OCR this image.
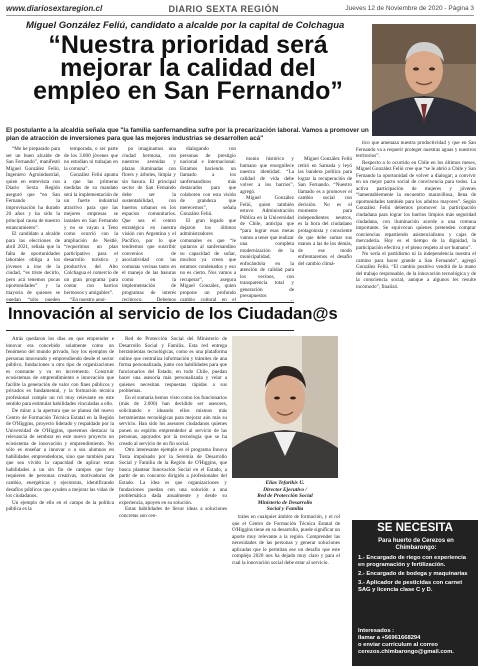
www.diariosextaregion.cl	DIARIO SEXTA REGIÓN	Jueves 12 de Noviembre de 2020 - Página 3
Miguel González Feliú, candidato a alcalde por la capital de Colchagua
“Nuestra prioridad será
mejorar la calidad del
empleo en San Fernando”
El postulante a la alcaldía señala que "la familia sanfernandina sufre por la precarización laboral. Vamos a promover un plan de atracción de inversiones para que las mejores industrias se desarrollen acá"

“Me he preparado para ser un buen alcalde de San Fernando”, manifestó Miguel González Feliú, Ingeniero Agroindustrial, quien en entrevista con Diario Sexta Región aseguró que “en San Fernando la improvisación ha durado 20 años y ha sido la principal causa de nuestro estancamiento”.

El candidato a alcalde para las elecciones de abril 2021, señala que la falta de oportunidades laborales obliga a los jóvenes a irse de la ciudad, “es triste decirlo, pero acá tenemos pocas oportunidades” y la mayoría de quienes se quedan “sólo pueden

temporada, o ser parte de los 3.000 jóvenes que no estudian ni trabajan en la comuna”.

González Feliú apunta a que las primeras medidas de su mandato será la implementación de un fuerte industrial atractivo para que las mejores empresas se instalen en San Fernando y no se vayan a Teno como ocurrió con la ampliación de Nestlé, “requerimos un plan participativo para el desarrollo turístico y productivo del Alto Colchagua el comercio de un gran programa para contar con barrios hermosos y amigables”.

“En nuestro aquí-

po imaginamos una ciudad hermosa, con nuestros avenidas y plazas iluminadas con flores y árboles, limpia y sin basura. El principal sector de San Fernando debe ser la sustentabilidad, con huertos urbanos en los espacios comunitarios. Que sea el centro estratégico en nuestra visión con Argentina y el Pacífico, por lo que tendremos que suscribir convenios de asociatividad con las comunas vecinas tanto en el manejo de las basuras como en la implementación de programas de interés recíproco. Debemos

dialogando con personas de prestigio nacional e internacional. Estamos haciendo un llamado a los sanfernandinos más destacados para que colaboren con esta visión de grandeza que merecemos”, señala González Feliú.

El gran legado que dejaron los últimos administradores comunales es que “le quitaron al sanfernandino su capacidad de soñar, muchos ya creen que estamos condenados y eso no es cierto. Nos vamos a recuperar”, asegura Miguel González, quien propone un profundo cambio cultural en el

monio histórico y humano que enorgullece nuestra identidad. “La calidad de vida debe volver a los barrios”, agregó.

Miguel González Feliú, quien también estuvo Administración Pública en la Universidad de Chile, anticipa que “para lograr esas metas vamos a tener que realizar una completa modernización de la municipalidad, enfocándola en la atención de calidad para los vecinos, con transparencia total y generación de presupuestos

Miguel González Feliú retiró en Samada y leyó las bandera política para lograr la recuperación de San Fernando. “Nuestro llamado es a promover el cambio social con decisión. No es el momento para independientes neutros, es la hora del ciudadano protagonista y consciente de que debe sumar sus manos a las de los demás, de ese modo enfrentaremos el desafío del cambio climá-

tico que amenaza nuestra productividad y que en San Fernando va a requerir proteger nuestras aguas y nuestros territorios”.

Respecto a lo ocurrido en Chile en los últimos meses, Miguel González Feliú cree que “se le abrió a Chile y San Fernando la oportunidad de volver a dialogar; a convivir en un mejor pacto social de convivencia para todos. La activa participación de mujeres y jóvenes “lamentablemente la encuentro maravillosa, llena de oportunidades también para los adultos mayores”. Según González Feliú debemos promover la participación ciudadana para lograr los barrios limpios más seguridad ciudadana, con iluminación acorde a una comuna importante. Se equivocan quienes pretenden comprar conciencias repartiendo asistencialismo y cajas de mercadería. Hoy es el tiempo de la dignidad, la participación efectiva y el pleno respeto al ser humano”.

No sería el partidismo ni la independencia nuestra el camino para hacer grande a San Fernando”, agregó González Feliú. “El cambio positivo vendrá de la mano del trabajo responsable, de la innovación tecnológica y de la consciencia social, aunque a algunos les resulte incómodo”, finalizó.

Innovación al servicio de los Ciudadan@s

Atrás quedaron los días en que emprender e innovar era concebido solamente como un fenómeno del mundo privado, hoy los ejemplos de personas innovando y emprendiendo desde el sector público, fundaciones u otro tipo de organizaciones es constante y va en incremento. Construir ecosistemas de emprendimiento e innovación que facilite la generación de valor con fines públicos y privados es fundamental, y la formación técnica profesional cumple un rol muy relevante en este sentido para estimular habilidades vinculadas a ello.

De mirar a la apertura que se planea del nuevo Centro de Formación Técnica Estatal en la Región de O'Higgins, proyecto liderado y respaldado por la Universidad de O'Higgins, queremos destacar la relevancia de sembrar en este nuevo proyecto un ecosistema de innovación y emprendimiento. No sólo es enseñar a innovar o a sus alumnos en habilidades emprendedoras, sino que también para que sea vivido la capacidad de aplicar estas habilidades a un sin fin de campos que hoy requieren de personas creativas, motivadoras de cambio, energéticas y ejecutoras, identificando desafíos públicos que ayuden a mejorar las vidas de los ciudadanos.

Un ejemplo de ello en el campo de la política pública es la

Red de Protección Social del Ministerio de Desarrollo Social y Familia. Esta red entrega herramientas tecnológicas, como es una plataforma online que centraliza información y trámites de una forma personalizada, junto con habilidades para que funcionarios del Estado, en todo Chile, puedan hacer una asesoría más personalizada y velar a quienes necesitan respuestas rápidas a sus problemas.

En el sumaria hemos visto como los funcionarios (más de 2.000) han decidido ser asesores, solicitando e ideando ellos mismos más herramientas tecnológicas para mejorar aún más su servicio. Han sido los asesores ciudadanos quienes ponen su espíritu emprendedor al servicio de las personas, apoyados por la tecnología que se ha creado al servicio de un fin social.

Otro interesante ejemplo es el programa Innova Tosta impulsado por la Seremía de Desarrollo Social y Familia de la Región de O'Higgins, que busca plantear Innovación Social en el Estado, a partir de un concurso dirigido a profesionales del Estado. La idea es que organizaciones y fundaciones puedan con una solución a una problemática dada anualmente y desde su experiencia, apoyen en su solución.

Estas habilidades de llevar ideas a soluciones concretas son cen-

Elías Tefarikis U.
Director Ejecutivo /
Red de Protección Social
Ministerio de Desarrollo
Social y Familia

trales en cualquier ámbito de formación, y el rol que el Centro de Formación Técnica Estatal de O'Higgins tiene en su desarrollo, puede significar un aporte muy relevante a la región. Comprender las necesidades de las personas y generar soluciones aplicadas que le permitan ese un desafío que este complejo 2020 nos ha dejado muy claro y para el cual la innovación social debe estar al servicio.

SE NECESITA
Para huerto de Cerezos en Chimbarongo:
1.- Encargado de riego con experiencia en programación y fertilización.
2.- Encargado de bodega y maquinarias
3.- Aplicador de pesticidas con carnet SAG y licencia clase C y D.
Interesados :
llamar a +56961668294
o enviar currículum al correo
cerezos.chimbarongo@gmail.com.
